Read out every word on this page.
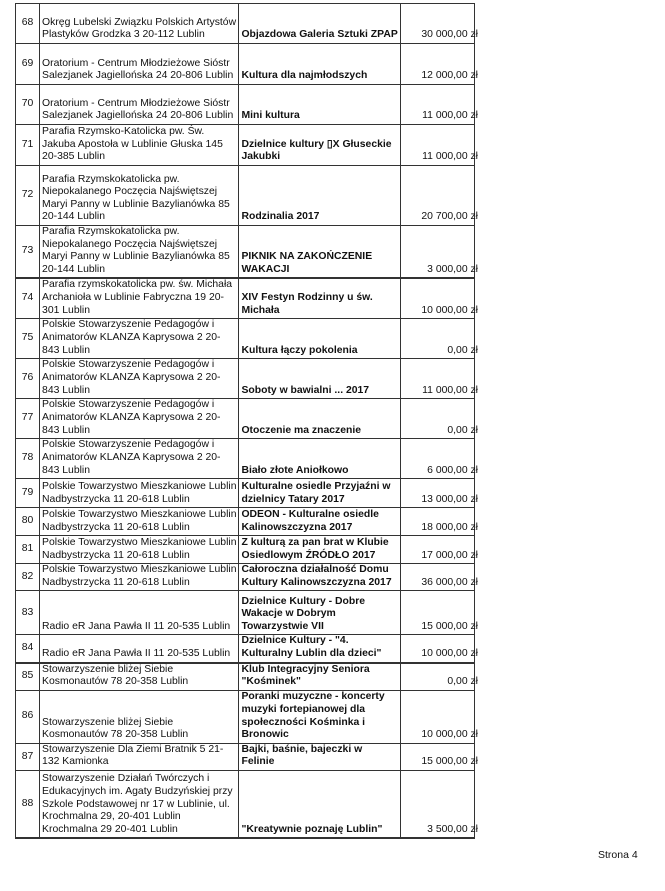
68	Okręg Lubelski Związku Polskich Artystów Plastyków Grodzka 3 20-112 Lublin	Objazdowa Galeria Sztuki ZPAP	30 000,00 zł
69	Oratorium - Centrum Młodzieżowe Sióstr Salezjanek Jagiellońska 24 20-806 Lublin	Kultura dla najmłodszych	12 000,00 zł
70	Oratorium - Centrum Młodzieżowe Sióstr Salezjanek Jagiellońska 24 20-806 Lublin	Mini kultura	11 000,00 zł
71	Parafia Rzymsko-Katolicka pw. Św. Jakuba Apostoła w Lublinie Głuska 145 20-385 Lublin	Dzielnice kultury ▯X Głuseckie Jakubki	11 000,00 zł
72	Parafia Rzymskokatolicka pw. Niepokalanego Poczęcia Najświętszej Maryi Panny w Lublinie Bazylianówka 85 20-144 Lublin	Rodzinalia 2017	20 700,00 zł
73	Parafia Rzymskokatolicka pw. Niepokalanego Poczęcia Najświętszej Maryi Panny w Lublinie Bazylianówka 85 20-144 Lublin	PIKNIK NA ZAKOŃCZENIE WAKACJI	3 000,00 zł
74	Parafia rzymskokatolicka pw. św. Michała Archanioła w Lublinie Fabryczna 19 20-301 Lublin	XIV Festyn Rodzinny u św. Michała	10 000,00 zł
75	Polskie Stowarzyszenie Pedagogów i Animatorów KLANZA Kaprysowa 2 20-843 Lublin	Kultura łączy pokolenia	0,00 zł
76	Polskie Stowarzyszenie Pedagogów i Animatorów KLANZA Kaprysowa 2 20-843 Lublin	Soboty w bawialni ... 2017	11 000,00 zł
77	Polskie Stowarzyszenie Pedagogów i Animatorów KLANZA Kaprysowa 2 20-843 Lublin	Otoczenie ma znaczenie	0,00 zł
78	Polskie Stowarzyszenie Pedagogów i Animatorów KLANZA Kaprysowa 2 20-843 Lublin	Biało złote Aniołkowo	6 000,00 zł
79	Polskie Towarzystwo Mieszkaniowe Lublin Nadbystrzycka 11 20-618 Lublin	Kulturalne osiedle Przyjaźni w dzielnicy Tatary 2017	13 000,00 zł
80	Polskie Towarzystwo Mieszkaniowe Lublin Nadbystrzycka 11 20-618 Lublin	ODEON - Kulturalne osiedle Kalinowszczyzna 2017	18 000,00 zł
81	Polskie Towarzystwo Mieszkaniowe Lublin Nadbystrzycka 11 20-618 Lublin	Z kulturą za pan brat w Klubie Osiedlowym ŹRÓDŁO 2017	17 000,00 zł
82	Polskie Towarzystwo Mieszkaniowe Lublin Nadbystrzycka 11 20-618 Lublin	Całoroczna działalność Domu Kultury Kalinowszczyzna 2017	36 000,00 zł
83	Radio eR Jana Pawła II 11 20-535 Lublin	Dzielnice Kultury - Dobre Wakacje w Dobrym Towarzystwie VII	15 000,00 zł
84	Radio eR Jana Pawła II 11 20-535 Lublin	Dzielnice Kultury - "4. Kulturalny Lublin dla dzieci"	10 000,00 zł
85	Stowarzyszenie bliżej Siebie Kosmonautów 78 20-358 Lublin	Klub Integracyjny Seniora "Kośminek"	0,00 zł
86	Stowarzyszenie bliżej Siebie Kosmonautów 78 20-358 Lublin	Poranki muzyczne - koncerty muzyki fortepianowej dla społeczności Kośminka i Bronowic	10 000,00 zł
87	Stowarzyszenie Dla Ziemi Bratnik 5 21-132 Kamionka	Bajki, baśnie, bajeczki w Felinie	15 000,00 zł
88	Stowarzyszenie Działań Twórczych i Edukacyjnych im. Agaty Budzyńskiej przy Szkole Podstawowej nr 17 w Lublinie, ul. Krochmalna 29, 20-401 Lublin Krochmalna 29 20-401 Lublin	"Kreatywnie poznaję Lublin"	3 500,00 zł
Strona 4
